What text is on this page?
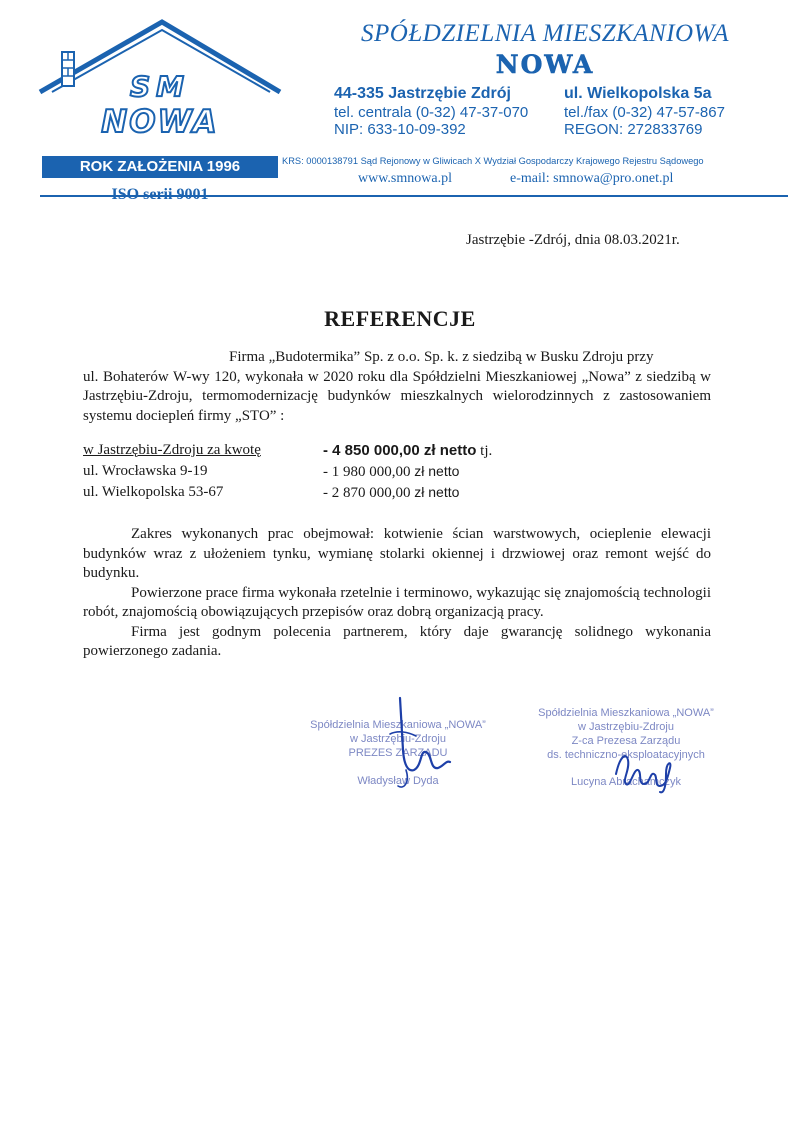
SM
NOWA
ROK ZAŁOŻENIA 1996
ISO serii 9001
SPÓŁDZIELNIA MIESZKANIOWA
NOWA
44-335 Jastrzębie Zdrój
tel. centrala (0-32) 47-37-070
NIP: 633-10-09-392
ul. Wielkopolska 5a
tel./fax (0-32) 47-57-867
REGON: 272833769
KRS: 0000138791 Sąd Rejonowy w Gliwicach X Wydział Gospodarczy Krajowego Rejestru Sądowego
www.smnowa.pl	e-mail: smnowa@pro.onet.pl
Jastrzębie -Zdrój, dnia 08.03.2021r.
REFERENCJE
Firma „Budotermika” Sp. z o.o. Sp. k. z siedzibą w Busku Zdroju przy
ul. Bohaterów W-wy 120, wykonała w 2020 roku dla Spółdzielni Mieszkaniowej „Nowa” z siedzibą w Jastrzębiu-Zdroju, termomodernizację budynków mieszkalnych wielorodzinnych z zastosowaniem systemu dociepleń firmy „STO” :
w Jastrzębiu-Zdroju za kwotę	- 4 850 000,00 zł netto tj.
ul. Wrocławska 9-19	- 1 980 000,00 zł netto
ul. Wielkopolska 53-67	- 2 870 000,00 zł netto

Zakres wykonanych prac obejmował: kotwienie ścian warstwowych, ocieplenie elewacji budynków wraz z ułożeniem tynku, wymianę stolarki okiennej i drzwiowej oraz remont wejść do budynku.

Powierzone prace firma wykonała rzetelnie i terminowo, wykazując się znajomością technologii robót, znajomością obowiązujących przepisów oraz dobrą organizacją pracy.

Firma jest godnym polecenia partnerem, który daje gwarancję solidnego wykonania powierzonego zadania.

Spółdzielnia Mieszkaniowa „NOWA”
w Jastrzębiu-Zdroju
PREZES ZARZĄDU
Władysław Dyda
Spółdzielnia Mieszkaniowa „NOWA”
w Jastrzębiu-Zdroju
Z-ca Prezesa Zarządu
ds. techniczno-eksploatacyjnych
Lucyna Abrachamczyk
